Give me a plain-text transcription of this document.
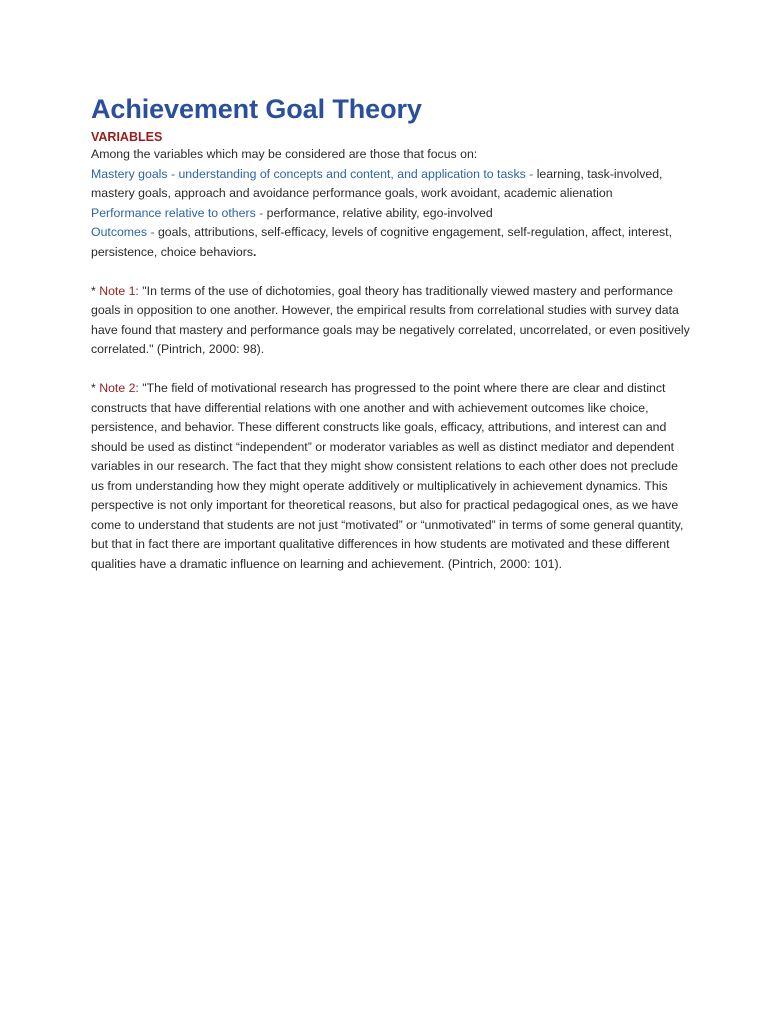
Achievement Goal Theory
VARIABLES

Among the variables which may be considered are those that focus on:

Mastery goals - understanding of concepts and content, and application to tasks - learning, task-involved, mastery goals, approach and avoidance performance goals, work avoidant, academic alienation

Performance relative to others - performance, relative ability, ego-involved

Outcomes - goals, attributions, self-efficacy, levels of cognitive engagement, self-regulation, affect, interest, persistence, choice behaviors.

* Note 1: "In terms of the use of dichotomies, goal theory has traditionally viewed mastery and performance goals in opposition to one another. However, the empirical results from correlational studies with survey data have found that mastery and performance goals may be negatively correlated, uncorrelated, or even positively correlated." (Pintrich, 2000: 98).

* Note 2: "The field of motivational research has progressed to the point where there are clear and distinct constructs that have differential relations with one another and with achievement outcomes like choice, persistence, and behavior. These different constructs like goals, efficacy, attributions, and interest can and should be used as distinct “independent” or moderator variables as well as distinct mediator and dependent variables in our research. The fact that they might show consistent relations to each other does not preclude us from understanding how they might operate additively or multiplicatively in achievement dynamics. This perspective is not only important for theoretical reasons, but also for practical pedagogical ones, as we have come to understand that students are not just “motivated” or “unmotivated” in terms of some general quantity, but that in fact there are important qualitative differences in how students are motivated and these different qualities have a dramatic influence on learning and achievement. (Pintrich, 2000: 101).
